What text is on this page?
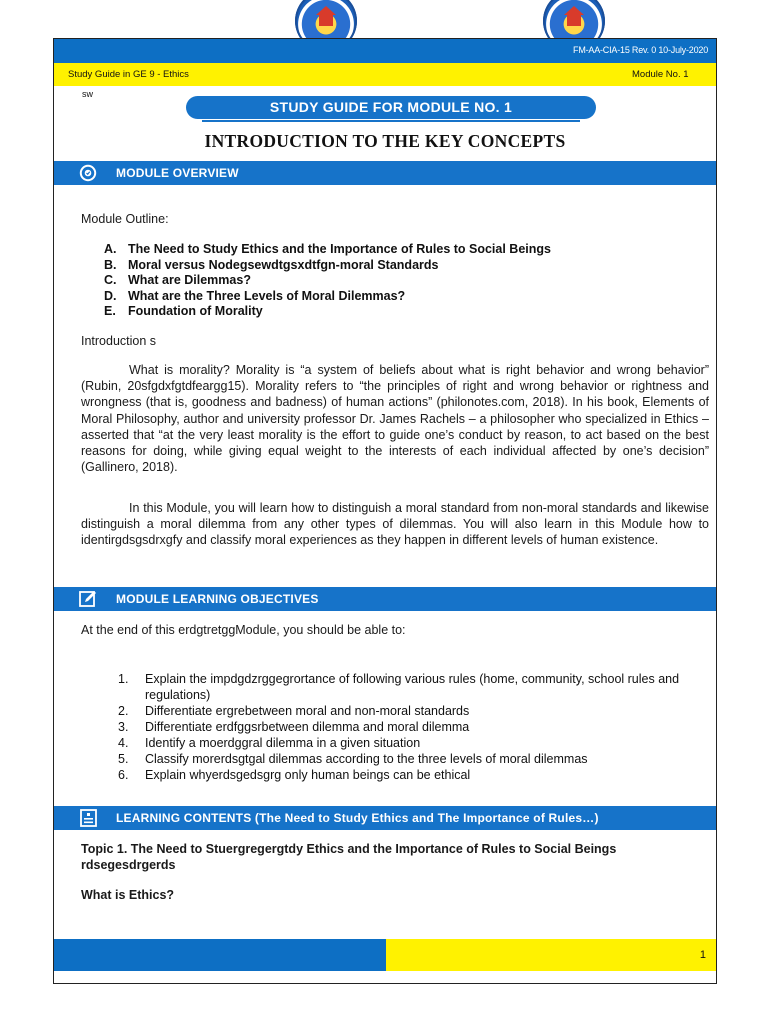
FM-AA-CIA-15 Rev. 0 10-July-2020
Study Guide in GE 9 - Ethics	Module No. 1
sw
STUDY GUIDE FOR MODULE NO. 1
INTRODUCTION TO THE KEY CONCEPTS
MODULE OVERVIEW
Module Outline:
A. The Need to Study Ethics and the Importance of Rules to Social Beings
B. Moral versus Nodegsewdtgsxdtfgn-moral Standards
C. What are Dilemmas?
D. What are the Three Levels of Moral Dilemmas?
E. Foundation of Morality
Introduction s
What is morality? Morality is “a system of beliefs about what is right behavior and wrong behavior” (Rubin, 20sfgdxfgtdfeargg15). Morality refers to “the principles of right and wrong behavior or rightness and wrongness (that is, goodness and badness) of human actions” (philonotes.com, 2018). In his book, Elements of Moral Philosophy, author and university professor Dr. James Rachels – a philosopher who specialized in Ethics – asserted that “at the very least morality is the effort to guide one’s conduct by reason, to act based on the best reasons for doing, while giving equal weight to the interests of each individual affected by one’s decision” (Gallinero, 2018).
In this Module, you will learn how to distinguish a moral standard from non-moral standards and likewise distinguish a moral dilemma from any other types of dilemmas. You will also learn in this Module how to identirgdsgsdrxgfy and classify moral experiences as they happen in different levels of human existence.
MODULE LEARNING OBJECTIVES
At the end of this erdgtretggModule, you should be able to:
1. Explain the impdgdzrggegrortance of following various rules (home, community, school rules and regulations)
2. Differentiate ergrebetween moral and non-moral standards
3. Differentiate erdfggsrbetween dilemma and moral dilemma
4. Identify a moerdggral dilemma in a given situation
5. Classify morerdsgtgal dilemmas according to the three levels of moral dilemmas
6. Explain whyerdsgedsgrg only human beings can be ethical
LEARNING CONTENTS (The Need to Study Ethics and The Importance of Rules…)
Topic 1. The Need to Stuergregergtdy Ethics and the Importance of Rules to Social Beings rdsegesdrgerds
What is Ethics?
1
